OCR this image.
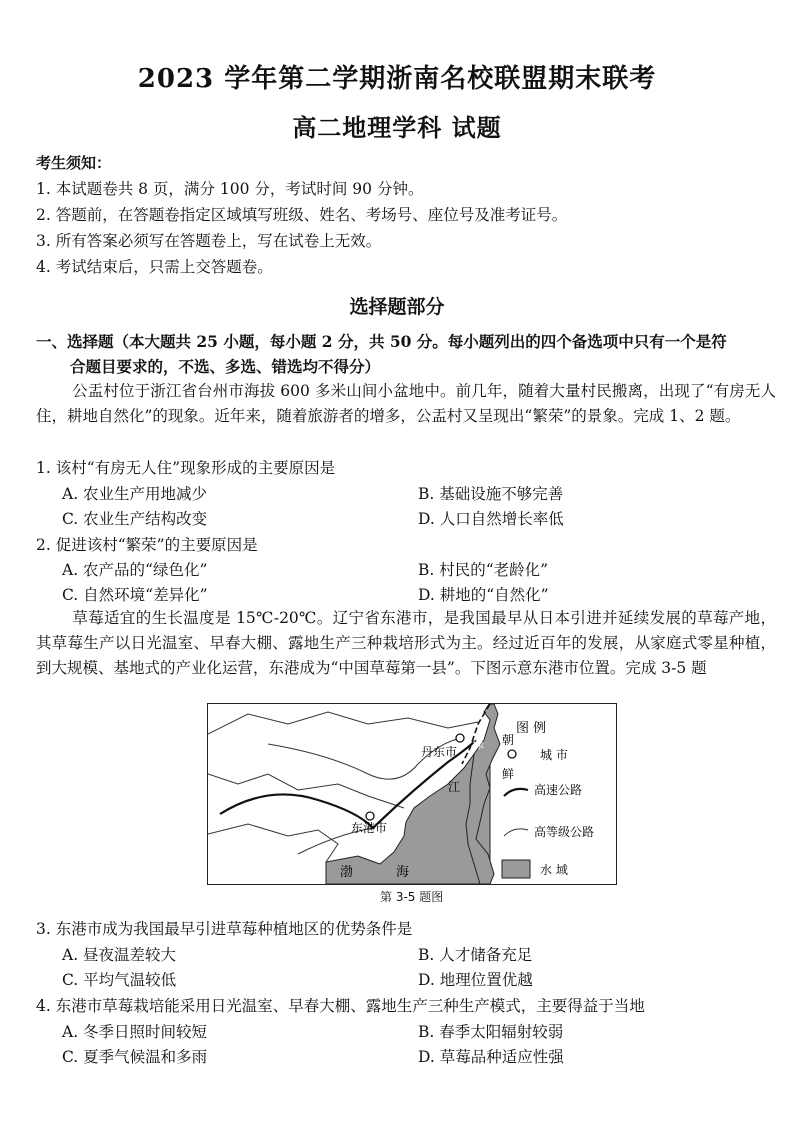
2023 学年第二学期浙南名校联盟期末联考
高二地理学科 试题
考生须知：
1. 本试题卷共 8 页，满分 100 分，考试时间 90 分钟。
2. 答题前，在答题卷指定区域填写班级、姓名、考场号、座位号及准考证号。
3. 所有答案必须写在答题卷上，写在试卷上无效。
4. 考试结束后，只需上交答题卷。
选择题部分
一、选择题（本大题共 25 小题，每小题 2 分，共 50 分。每小题列出的四个备选项中只有一个是符
合题目要求的，不选、多选、错选均不得分）
公盂村位于浙江省台州市海拔 600 多米山间小盆地中。前几年，随着大量村民搬离，出现了“有房无人住，耕地自然化”的现象。近年来，随着旅游者的增多，公盂村又呈现出“繁荣”的景象。完成 1、2 题。
1. 该村“有房无人住”现象形成的主要原因是
A. 农业生产用地减少	B. 基础设施不够完善
C. 农业生产结构改变	D. 人口自然增长率低
2. 促进该村“繁荣”的主要原因是
A. 农产品的“绿色化”	B. 村民的“老龄化”
C. 自然环境“差异化”	D. 耕地的“自然化”
草莓适宜的生长温度是 15℃-20℃。辽宁省东港市，是我国最早从日本引进并延续发展的草莓产地，其草莓生产以日光温室、早春大棚、露地生产三种栽培形式为主。经过近百年的发展，从家庭式零星种植，到大规模、基地式的产业化运营，东港成为“中国草莓第一县”。下图示意东港市位置。完成 3-5 题
丹东市
东港市
江
绿 朝
鲜
渤	海
图 例
城 市
高速公路
高等级公路
水 域
第 3-5 题图
3. 东港市成为我国最早引进草莓种植地区的优势条件是
A. 昼夜温差较大	B. 人才储备充足
C. 平均气温较低	D. 地理位置优越
4. 东港市草莓栽培能采用日光温室、早春大棚、露地生产三种生产模式，主要得益于当地
A. 冬季日照时间较短	B. 春季太阳辐射较弱
C. 夏季气候温和多雨	D. 草莓品种适应性强
